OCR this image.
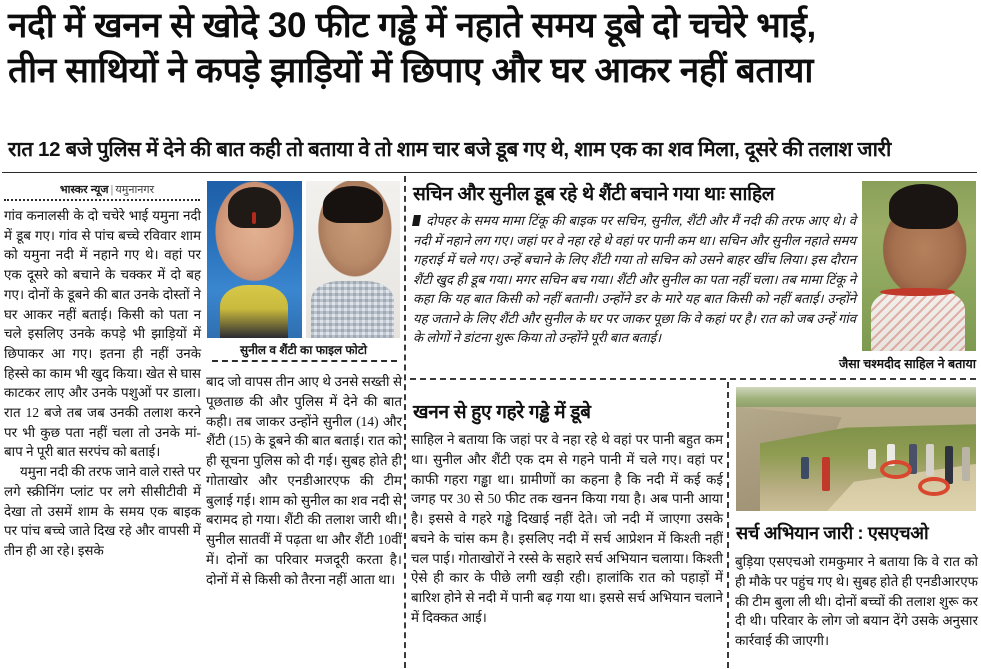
नदी में खनन से खोदे 30 फीट गड्ढे में नहाते समय डूबे दो चचेरे भाई,
तीन साथियों ने कपड़े झाड़ियों में छिपाए और घर आकर नहीं बताया
रात 12 बजे पुलिस में देने की बात कही तो बताया वे तो शाम चार बजे डूब गए थे, शाम एक का शव मिला, दूसरे की तलाश जारी
भास्कर न्यूज | यमुनानगर

गांव कनालसी के दो चचेरे भाई यमुना नदी में डूब गए। गांव से पांच बच्चे रविवार शाम को यमुना नदी में नहाने गए थे। वहां पर एक दूसरे को बचाने के चक्कर में दो बह गए। दोनों के डूबने की बात उनके दोस्तों ने घर आकर नहीं बताई। किसी को पता न चले इसलिए उनके कपड़े भी झाड़ियों में छिपाकर आ गए। इतना ही नहीं उनके हिस्से का काम भी खुद किया। खेत से घास काटकर लाए और उनके पशुओं पर डाला। रात 12 बजे तब जब उनकी तलाश करने पर भी कुछ पता नहीं चला तो उनके मां-बाप ने पूरी बात सरपंच को बताई।

यमुना नदी की तरफ जाने वाले रास्ते पर लगे स्क्रीनिंग प्लांट पर लगे सीसीटीवी में देखा तो उसमें शाम के समय एक बाइक पर पांच बच्चे जाते दिख रहे और वापसी में तीन ही आ रहे। इसके

सुनील व शैंटी का फाइल फोटो

बाद जो वापस तीन आए थे उनसे सख्ती से पूछताछ की और पुलिस में देने की बात कही। तब जाकर उन्होंने सुनील (14) और शैंटी (15) के डूबने की बात बताई। रात को ही सूचना पुलिस को दी गई। सुबह होते ही गोताखोर और एनडीआरएफ की टीम बुलाई गई। शाम को सुनील का शव नदी से बरामद हो गया। शैंटी की तलाश जारी थी। सुनील सातवीं में पढ़ता था और शैंटी 10वीं में। दोनों का परिवार मजदूरी करता है। दोनों में से किसी को तैरना नहीं आता था।

सचिन और सुनील डूब रहे थे शैंटी बचाने गया थाः साहिल
दोपहर के समय मामा टिंकू की बाइक पर सचिन, सुनील, शैंटी और मैं नदी की तरफ आए थे। वे नदी में नहाने लग गए। जहां पर वे नहा रहे थे वहां पर पानी कम था। सचिन और सुनील नहाते समय गहराई में चले गए। उन्हें बचाने के लिए शैंटी गया तो सचिन को उसने बाहर खींच लिया। इस दौरान शैंटी खुद ही डूब गया। मगर सचिन बच गया। शैंटी और सुनील का पता नहीं चला। तब मामा टिंकू ने कहा कि यह बात किसी को नहीं बतानी। उन्होंने डर के मारे यह बात किसी को नहीं बताई। उन्होंने यह जताने के लिए शैंटी और सुनील के घर पर जाकर पूछा कि वे कहां पर है। रात को जब उन्हें गांव के लोगों ने डांटना शुरू किया तो उन्होंने पूरी बात बताई।
जैसा चश्मदीद साहिल ने बताया
खनन से हुए गहरे गड्ढे में डूबे
साहिल ने बताया कि जहां पर वे नहा रहे थे वहां पर पानी बहुत कम था। सुनील और शैंटी एक दम से गहने पानी में चले गए। वहां पर काफी गहरा गड्ढा था। ग्रामीणों का कहना है कि नदी में कई कई जगह पर 30 से 50 फीट तक खनन किया गया है। अब पानी आया है। इससे वे गहरे गड्ढे दिखाई नहीं देते। जो नदी में जाएगा उसके बचने के चांस कम है। इसलिए नदी में सर्च आप्रेशन में किश्ती नहीं चल पाई। गोताखोरों ने रस्से के सहारे सर्च अभियान चलाया। किश्ती ऐसे ही कार के पीछे लगी खड़ी रही। हालांकि रात को पहाड़ों में बारिश होने से नदी में पानी बढ़ गया था। इससे सर्च अभियान चलाने में दिक्कत आई।
सर्च अभियान जारी : एसएचओ
बुड़िया एसएचओ रामकुमार ने बताया कि वे रात को ही मौके पर पहुंच गए थे। सुबह होते ही एनडीआरएफ की टीम बुला ली थी। दोनों बच्चों की तलाश शुरू कर दी थी। परिवार के लोग जो बयान देंगे उसके अनुसार कार्रवाई की जाएगी।
